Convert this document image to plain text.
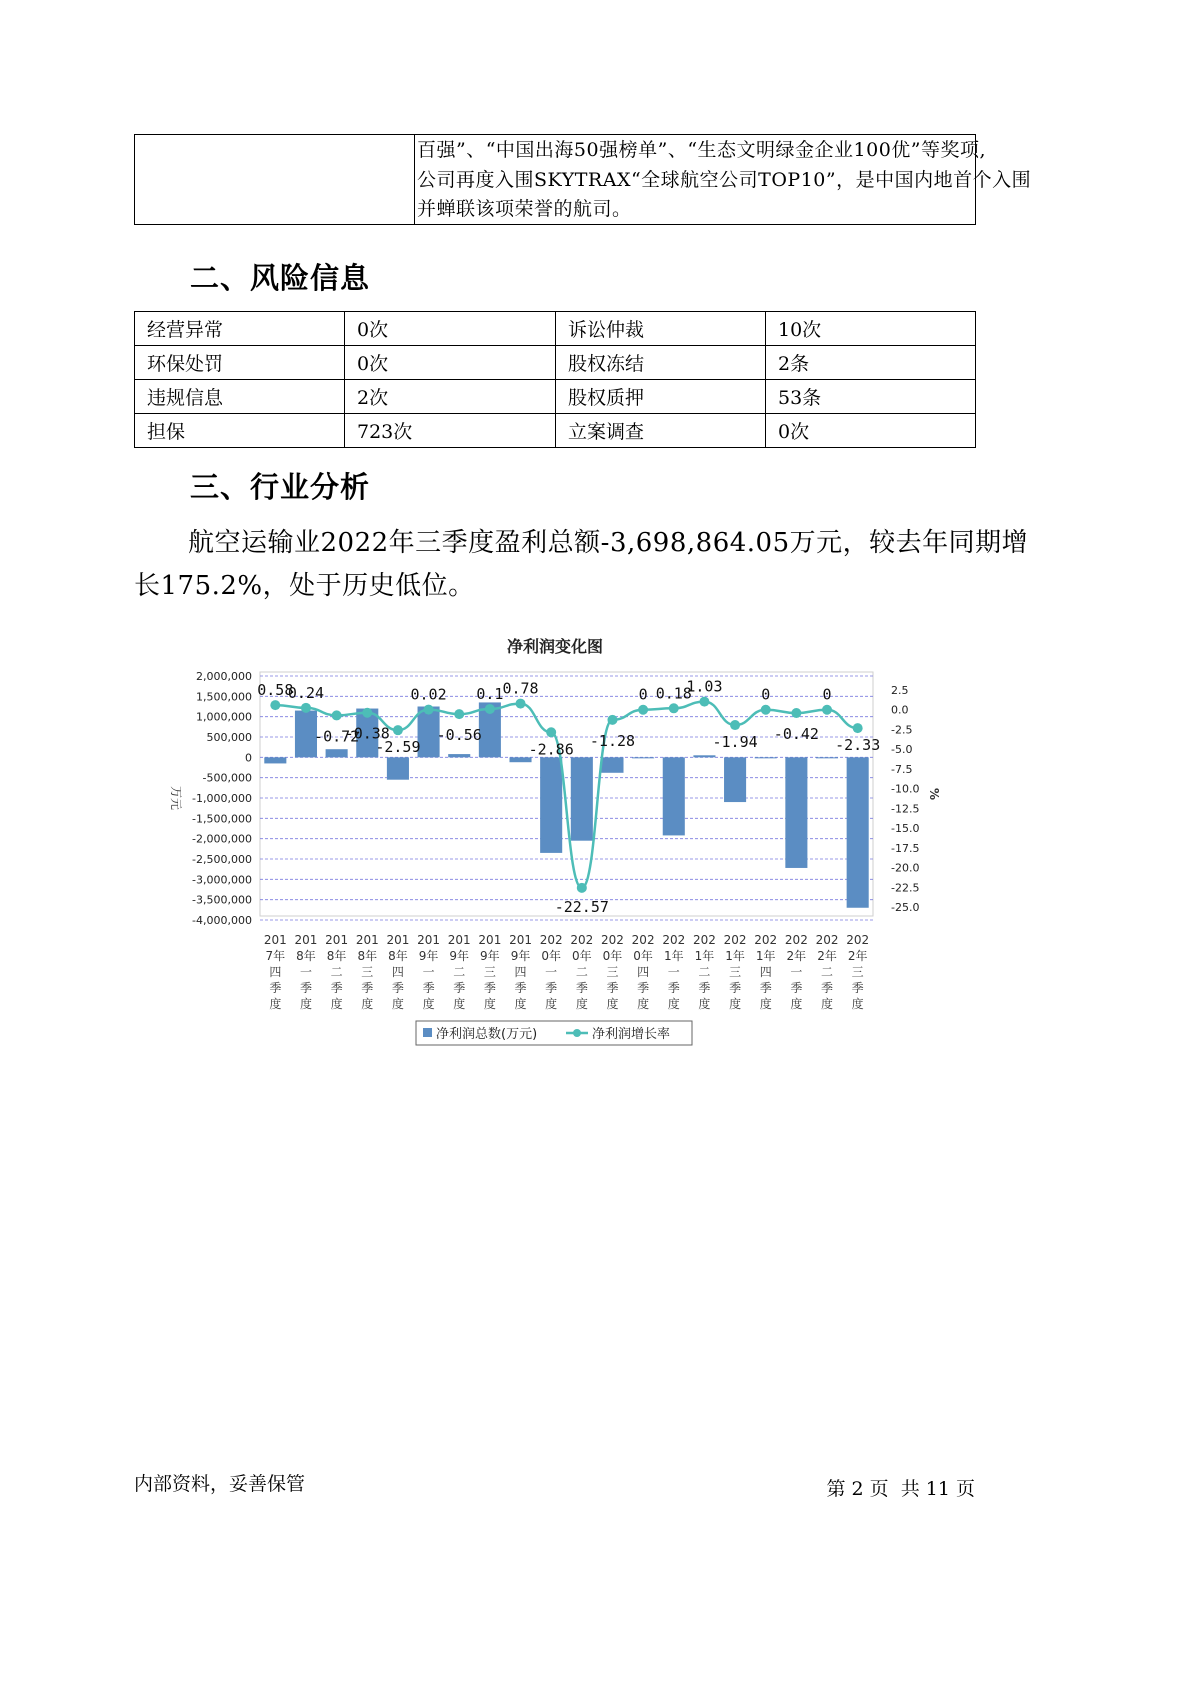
百强”、“中国出海50强榜单”、“生态文明绿金企业100优”等奖项,
公司再度入围SKYTRAX“全球航空公司TOP10”，是中国内地首个入围
并蝉联该项荣誉的航司。
二、风险信息
经营异常	0次	诉讼仲裁	10次
环保处罚	0次	股权冻结	2条
违规信息	2次	股权质押	53条
担保	723次	立案调查	0次
三、行业分析
航空运输业2022年三季度盈利总额-3,698,864.05万元，较去年同期增
长175.2%，处于历史低位。
净利润变化图
2,000,000
1,500,000
1,000,000
500,000
0
-500,000
-1,000,000
-1,500,000
-2,000,000
-2,500,000
-3,000,000
-3,500,000
-4,000,000
2.5
0.0
-2.5
-5.0
-7.5
-10.0
-12.5
-15.0
-17.5
-20.0
-22.5
-25.0
0.58
0.24
-0.72
-0.38
-2.59
0.02
-0.56
0.1 0.78
-2.86
-22.57
-1.28
0 0.18
1.03
-1.94
0
-0.42
0
-2.33
201
7年
四
季
度
201
8年
一
季
度
201
8年
二
季
度
201
8年
三
季
度
201
8年
四
季
度
201
9年
一
季
度
201
9年
二
季
度
201
9年
三
季
度
201
9年
四
季
度
202
0年
一
季
度
202
0年
二
季
度
202
0年
三
季
度
202
0年
四
季
度
202
1年
一
季
度
202
1年
二
季
度
202
1年
三
季
度
202
1年
四
季
度
202
2年
一
季
度
202
2年
二
季
度
202
2年
三
季
度
万元	%
净利润总数(万元)	净利润增长率
内部资料，妥善保管	第 2 页  共 11 页
